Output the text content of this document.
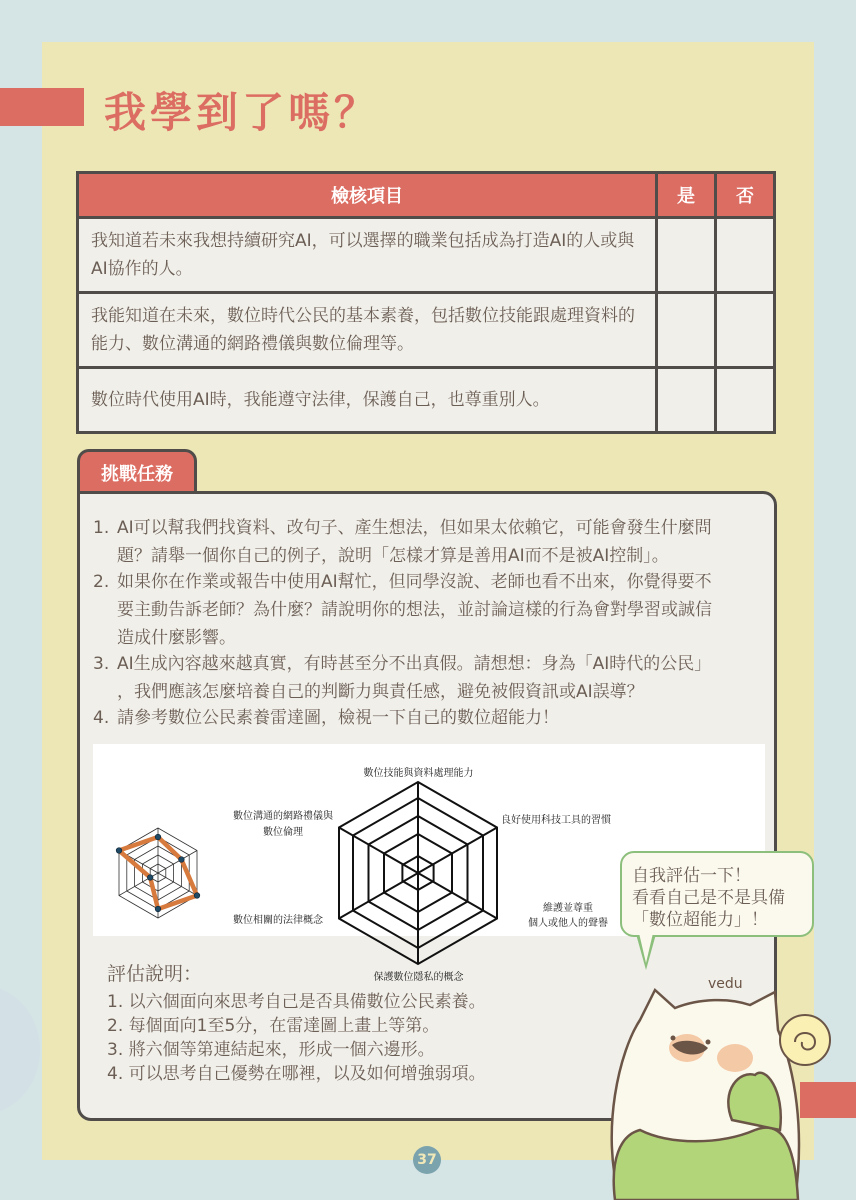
我學到了嗎？
檢核項目	是	否
我知道若未來我想持續研究AI，可以選擇的職業包括成為打造AI的人或與AI協作的人。		
我能知道在未來，數位時代公民的基本素養，包括數位技能跟處理資料的能力、數位溝通的網路禮儀與數位倫理等。		
數位時代使用AI時，我能遵守法律，保護自己，也尊重別人。		
挑戰任務
1. AI可以幫我們找資料、改句子、產生想法，但如果太依賴它，可能會發生什麼問
題？請舉一個你自己的例子，說明「怎樣才算是善用AI而不是被AI控制」。
2. 如果你在作業或報告中使用AI幫忙，但同學沒說、老師也看不出來，你覺得要不
要主動告訴老師？為什麼？請說明你的想法，並討論這樣的行為會對學習或誠信
造成什麼影響。
3. AI生成內容越來越真實，有時甚至分不出真假。請想想：身為「AI時代的公民」
，我們應該怎麼培養自己的判斷力與責任感，避免被假資訊或AI誤導？
4. 請參考數位公民素養雷達圖，檢視一下自己的數位超能力！
數位技能與資料處理能力
良好使用科技工具的習慣
維護並尊重
個人或他人的聲譽
保護數位隱私的概念
數位相關的法律概念
數位溝通的網路禮儀與
數位倫理
評估說明：
1. 以六個面向來思考自己是否具備數位公民素養。
2. 每個面向1至5分，在雷達圖上畫上等第。
3. 將六個等第連結起來，形成一個六邊形。
4. 可以思考自己優勢在哪裡，以及如何增強弱項。
自我評估一下！
看看自己是不是具備
「數位超能力」！
vedu
37
